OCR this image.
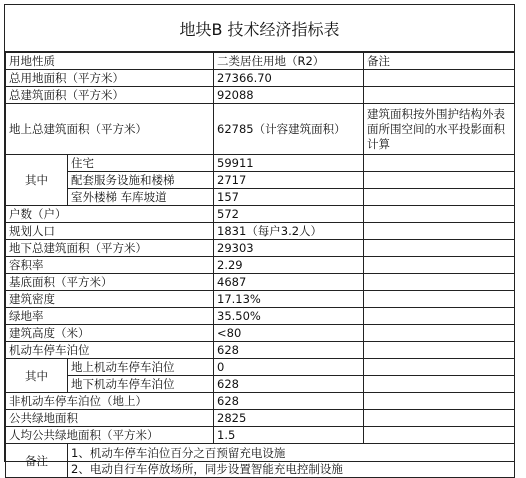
地块B 技术经济指标表
用地性质		二类居住用地（R2）	备注
总用地面积（平方米）		27366.70	
总建筑面积（平方米）		92088	
地上总建筑面积（平方米）		62785（计容建筑面积）	建筑面积按外围护结构外表面所围空间的水平投影面积计算
其中	住宅	59911	
	配套服务设施和楼梯	2717	
	室外楼梯 车库坡道	157	
户数（户）		572	
规划人口		1831（每户3.2人）	
地下总建筑面积（平方米）		29303	
容积率		2.29	
基底面积（平方米）		4687	
建筑密度		17.13%	
绿地率		35.50%	
建筑高度（米）		<80	
机动车停车泊位		628	
其中	地上机动车停车泊位	0	
	地下机动车停车泊位	628	
非机动车停车泊位（地上）		628	
公共绿地面积		2825	
人均公共绿地面积（平方米）		1.5	
备注	1、机动车停车泊位百分之百预留充电设施
2、电动自行车停放场所，同步设置智能充电控制设施		
